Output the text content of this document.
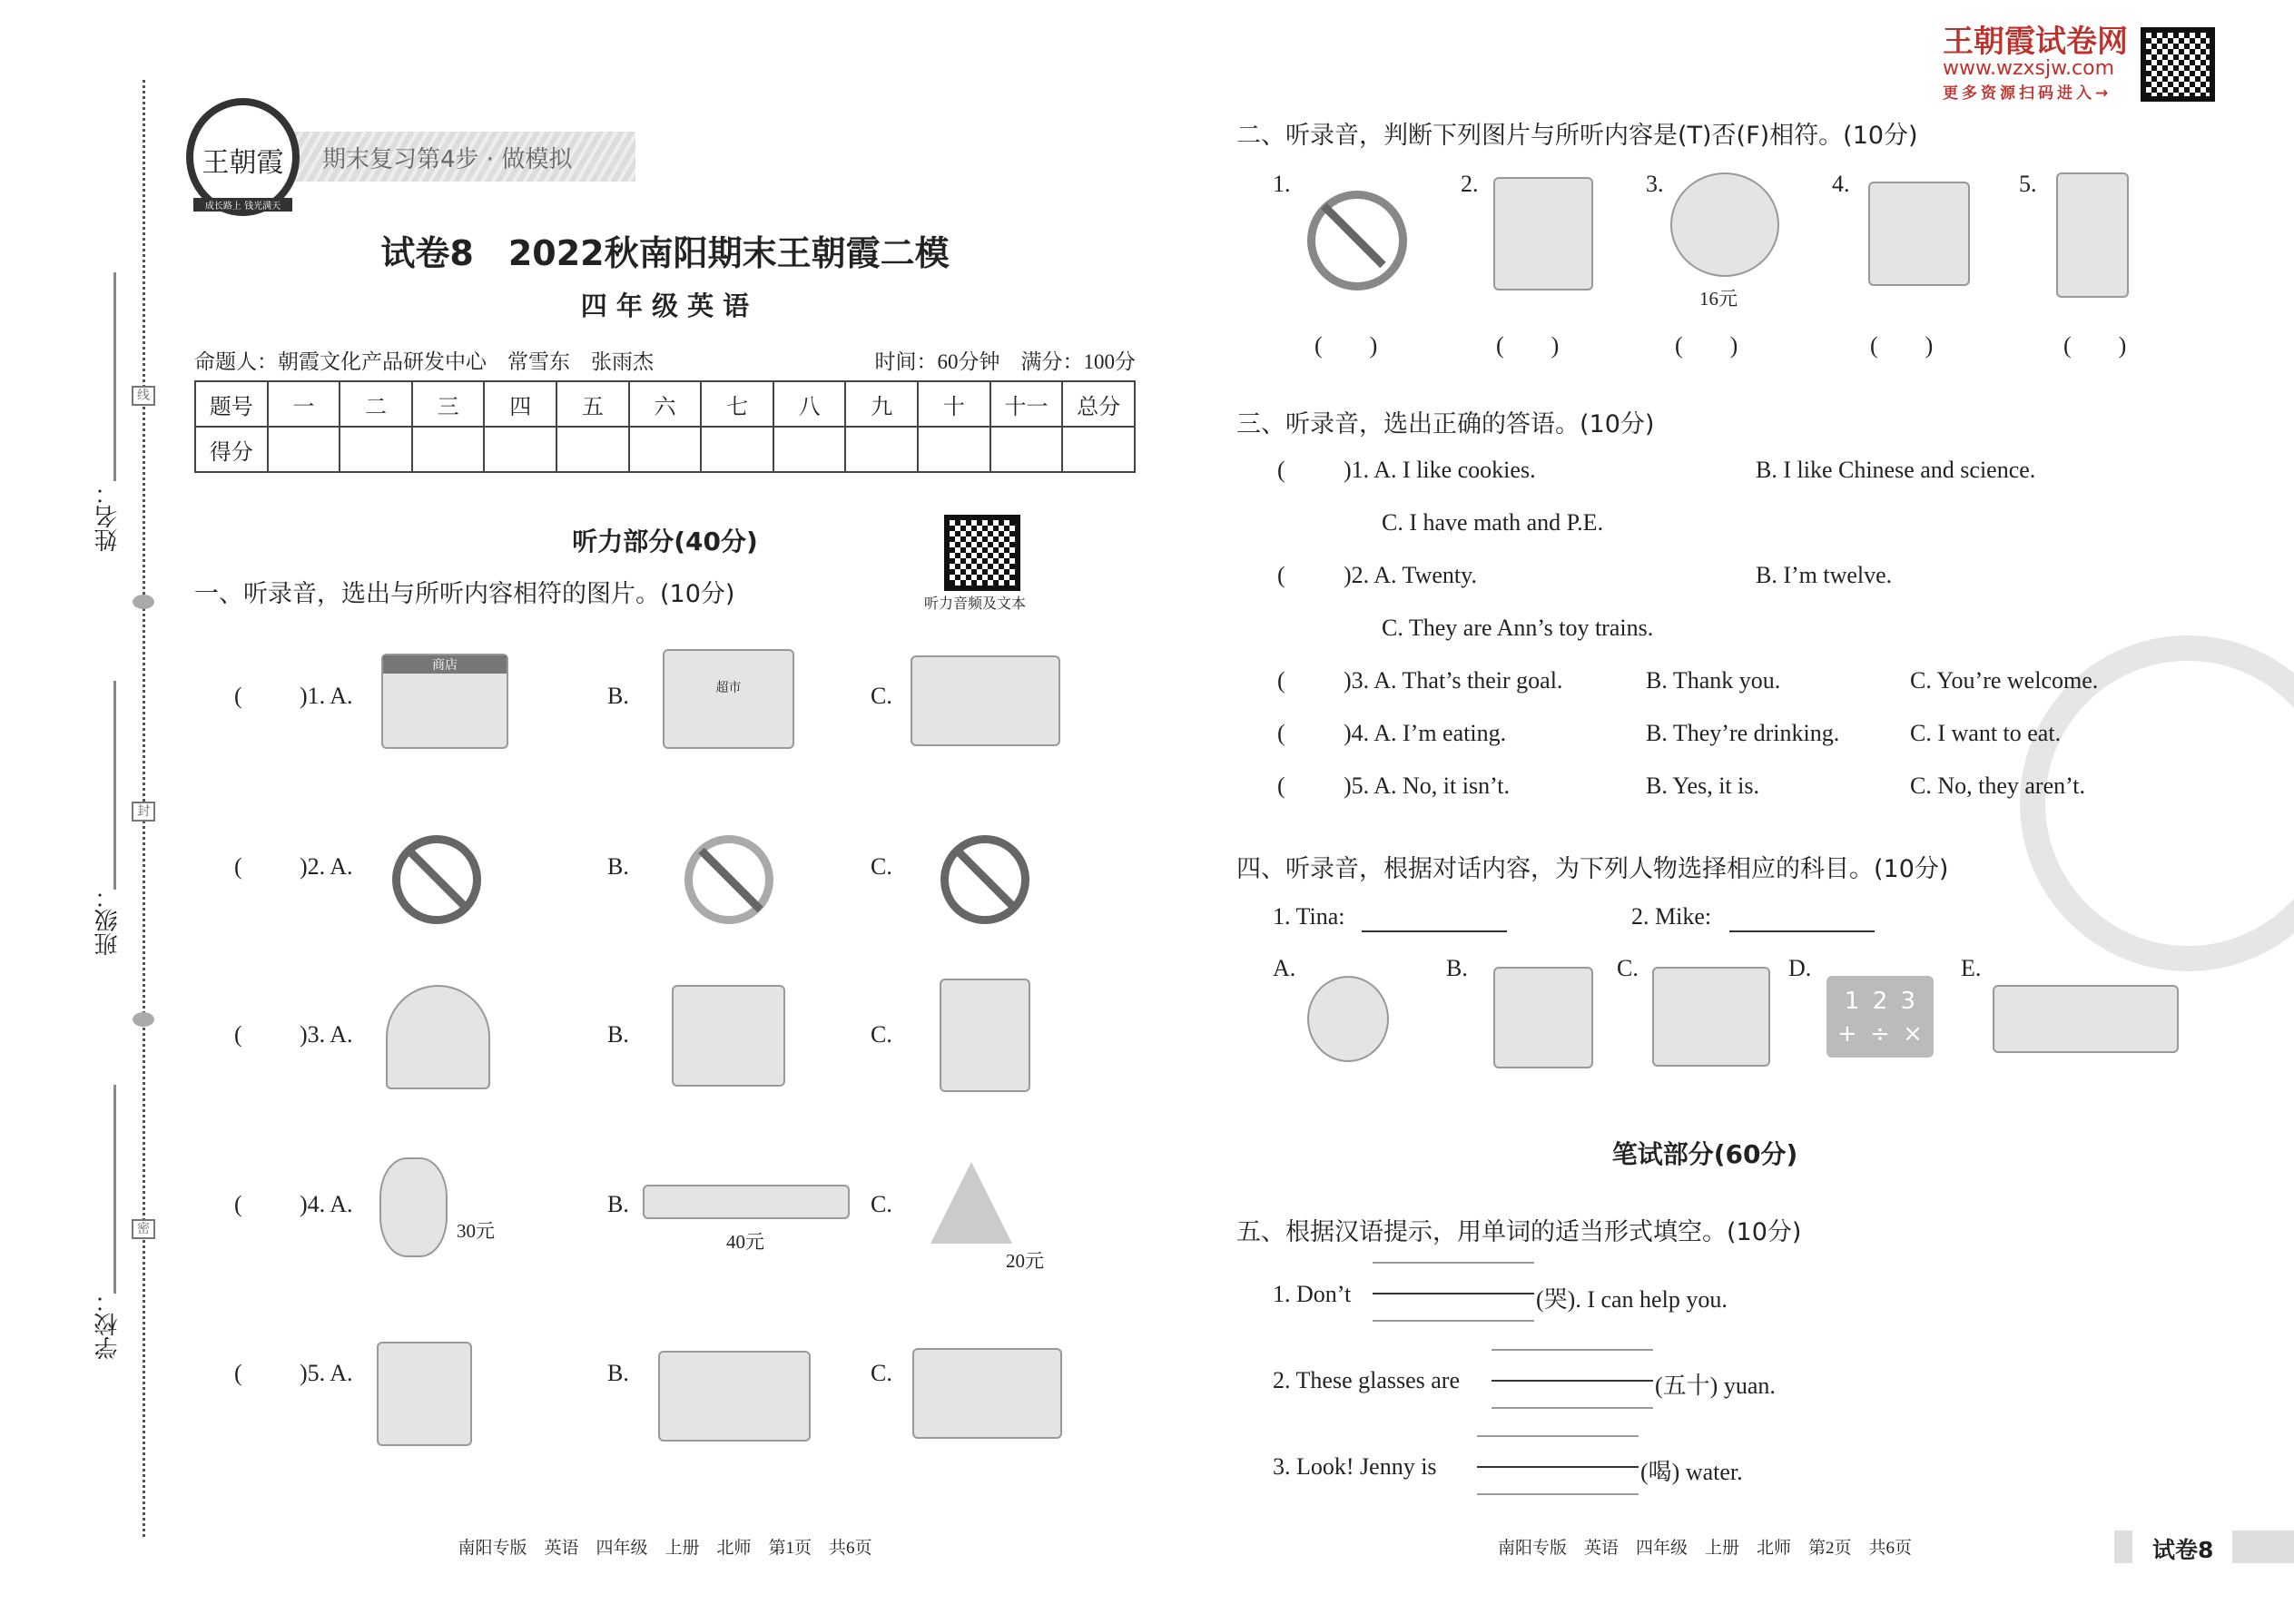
线
封
密
姓名：
班级：
学校：
期末复习第4步 · 做模拟
王朝霞
成长路上 钱光满天
试卷8　2022秋南阳期末王朝霞二模
四 年 级 英 语
命题人：朝霞文化产品研发中心　常雪东　张雨杰	时间：60分钟　满分：100分
题号	一	二	三	四	五	六	七	八	九	十	十一	总分
得分												
听力部分(40分)
听力音频及文本
一、听录音，选出与所听内容相符的图片。(10分)
( )1. A.
商店
B.	超市	C.
( )2. A.	B.	C.
( )3. A.	B.	C.
( )4. A.
30元
B.
40元
C.
20元
( )5. A.	B.	C.
南阳专版　英语　四年级　上册　北师　第1页　共6页
王朝霞试卷网
www.wzxsjw.com
更多资源扫码进入→
二、听录音，判断下列图片与所听内容是(T)否(F)相符。(10分)
1.	2.	3.
16元
4.	5.
(　　)	(　　)	(　　)	(　　)	(　　)
三、听录音，选出正确的答语。(10分)
( )1. A. I like cookies.	B. I like Chinese and science.
C. I have math and P.E.
( )2. A. Twenty.	B. I’m twelve.
C. They are Ann’s toy trains.
( )3. A. That’s their goal.	B. Thank you.	C. You’re welcome.
( )4. A. I’m eating.	B. They’re drinking.	C. I want to eat.
( )5. A. No, it isn’t.	B. Yes, it is.	C. No, they aren’t.
四、听录音，根据对话内容，为下列人物选择相应的科目。(10分)
1. Tina:	2. Mike:
A.	B.	C.	D.
1 2 3 + ÷ ×
E.
笔试部分(60分)
五、根据汉语提示，用单词的适当形式填空。(10分)
1. Don’t	(哭). I can help you.
2. These glasses are	(五十) yuan.
3. Look! Jenny is	(喝) water.
南阳专版　英语　四年级　上册　北师　第2页　共6页	试卷8
